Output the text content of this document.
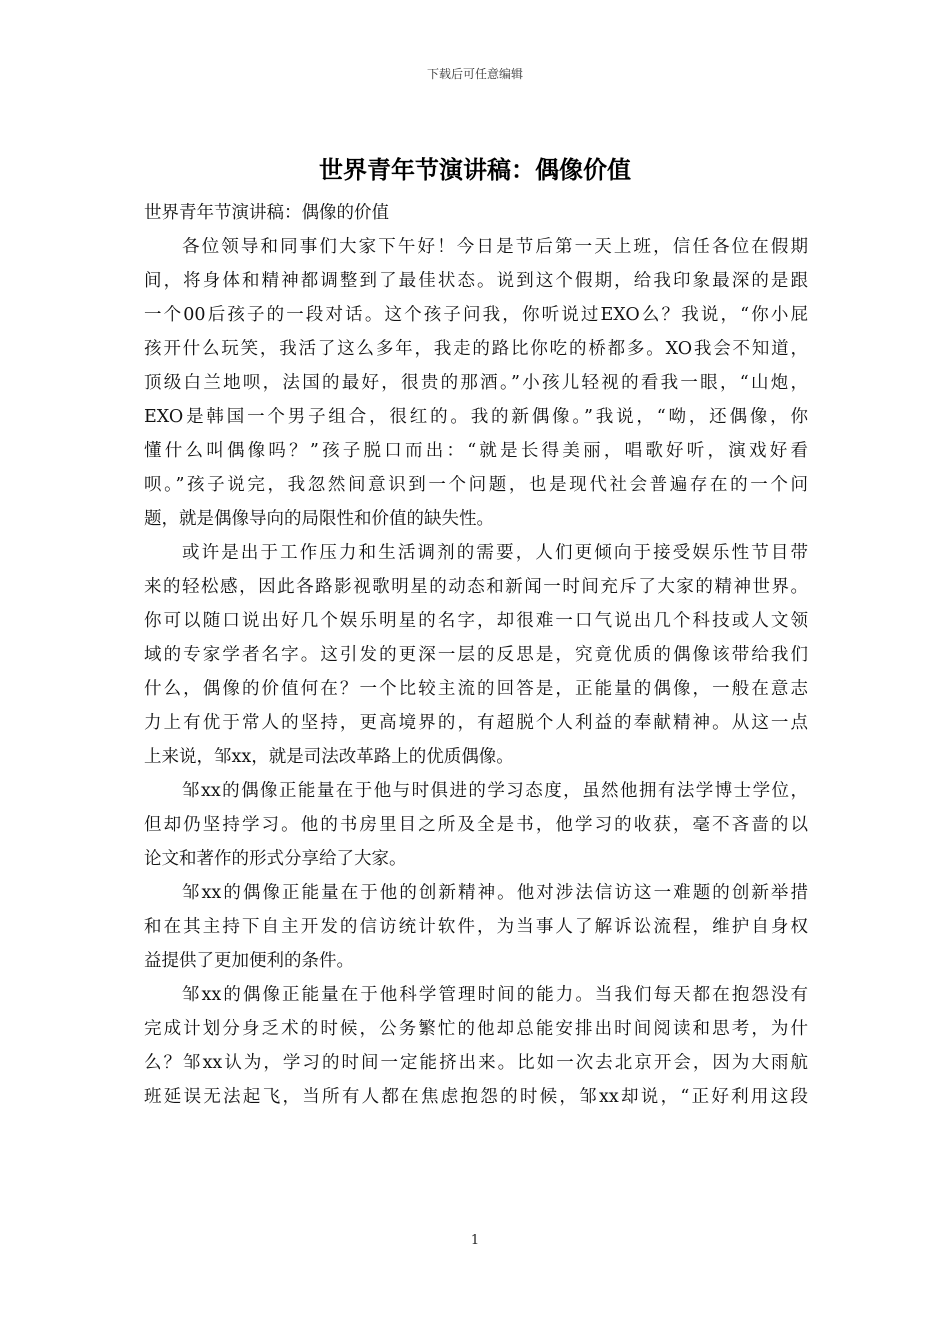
下载后可任意编辑
世界青年节演讲稿：偶像价值

世界青年节演讲稿：偶像的价值

各位领导和同事们大家下午好！今日是节后第一天上班，信任各位在假期
间，将身体和精神都调整到了最佳状态。说到这个假期，给我印象最深的是跟
一个00后孩子的一段对话。这个孩子问我，你听说过EXO么？我说，“你小屁
孩开什么玩笑，我活了这么多年，我走的路比你吃的桥都多。XO我会不知道，
顶级白兰地呗，法国的最好，很贵的那酒。”小孩儿轻视的看我一眼，“山炮，
EXO是韩国一个男子组合，很红的。我的新偶像。”我说，“呦，还偶像，你
懂什么叫偶像吗？”孩子脱口而出：“就是长得美丽，唱歌好听，演戏好看
呗。”孩子说完，我忽然间意识到一个问题，也是现代社会普遍存在的一个问
题，就是偶像导向的局限性和价值的缺失性。
或许是出于工作压力和生活调剂的需要，人们更倾向于接受娱乐性节目带
来的轻松感，因此各路影视歌明星的动态和新闻一时间充斥了大家的精神世界。
你可以随口说出好几个娱乐明星的名字，却很难一口气说出几个科技或人文领
域的专家学者名字。这引发的更深一层的反思是，究竟优质的偶像该带给我们
什么，偶像的价值何在？一个比较主流的回答是，正能量的偶像，一般在意志
力上有优于常人的坚持，更高境界的，有超脱个人利益的奉献精神。从这一点
上来说，邹xx，就是司法改革路上的优质偶像。
邹xx的偶像正能量在于他与时俱进的学习态度，虽然他拥有法学博士学位，
但却仍坚持学习。他的书房里目之所及全是书，他学习的收获，毫不吝啬的以
论文和著作的形式分享给了大家。
邹xx的偶像正能量在于他的创新精神。他对涉法信访这一难题的创新举措
和在其主持下自主开发的信访统计软件，为当事人了解诉讼流程，维护自身权
益提供了更加便利的条件。
邹xx的偶像正能量在于他科学管理时间的能力。当我们每天都在抱怨没有
完成计划分身乏术的时候，公务繁忙的他却总能安排出时间阅读和思考，为什
么？邹xx认为，学习的时间一定能挤出来。比如一次去北京开会，因为大雨航
班延误无法起飞，当所有人都在焦虑抱怨的时候，邹xx却说，“正好利用这段
1
